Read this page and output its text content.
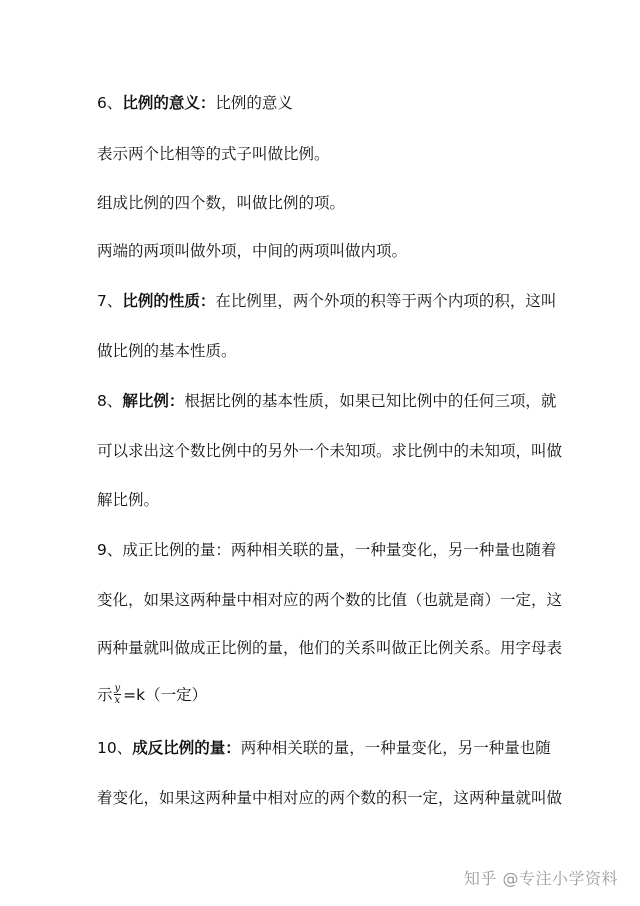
6、比例的意义：比例的意义
表示两个比相等的式子叫做比例。
组成比例的四个数，叫做比例的项。
两端的两项叫做外项，中间的两项叫做内项。
7、比例的性质：在比例里，两个外项的积等于两个内项的积，这叫
做比例的基本性质。
8、解比例：根据比例的基本性质，如果已知比例中的任何三项，就
可以求出这个数比例中的另外一个未知项。求比例中的未知项，叫做
解比例。
9、成正比例的量：两种相关联的量，一种量变化，另一种量也随着
变化，如果这两种量中相对应的两个数的比值（也就是商）一定，这
两种量就叫做成正比例的量，他们的关系叫做正比例关系。用字母表
示 $\frac{y}{x} =k$（一定）
10、成反比例的量：两种相关联的量，一种量变化，另一种量也随
着变化，如果这两种量中相对应的两个数的积一定，这两种量就叫做
知乎 @专注小学资料
